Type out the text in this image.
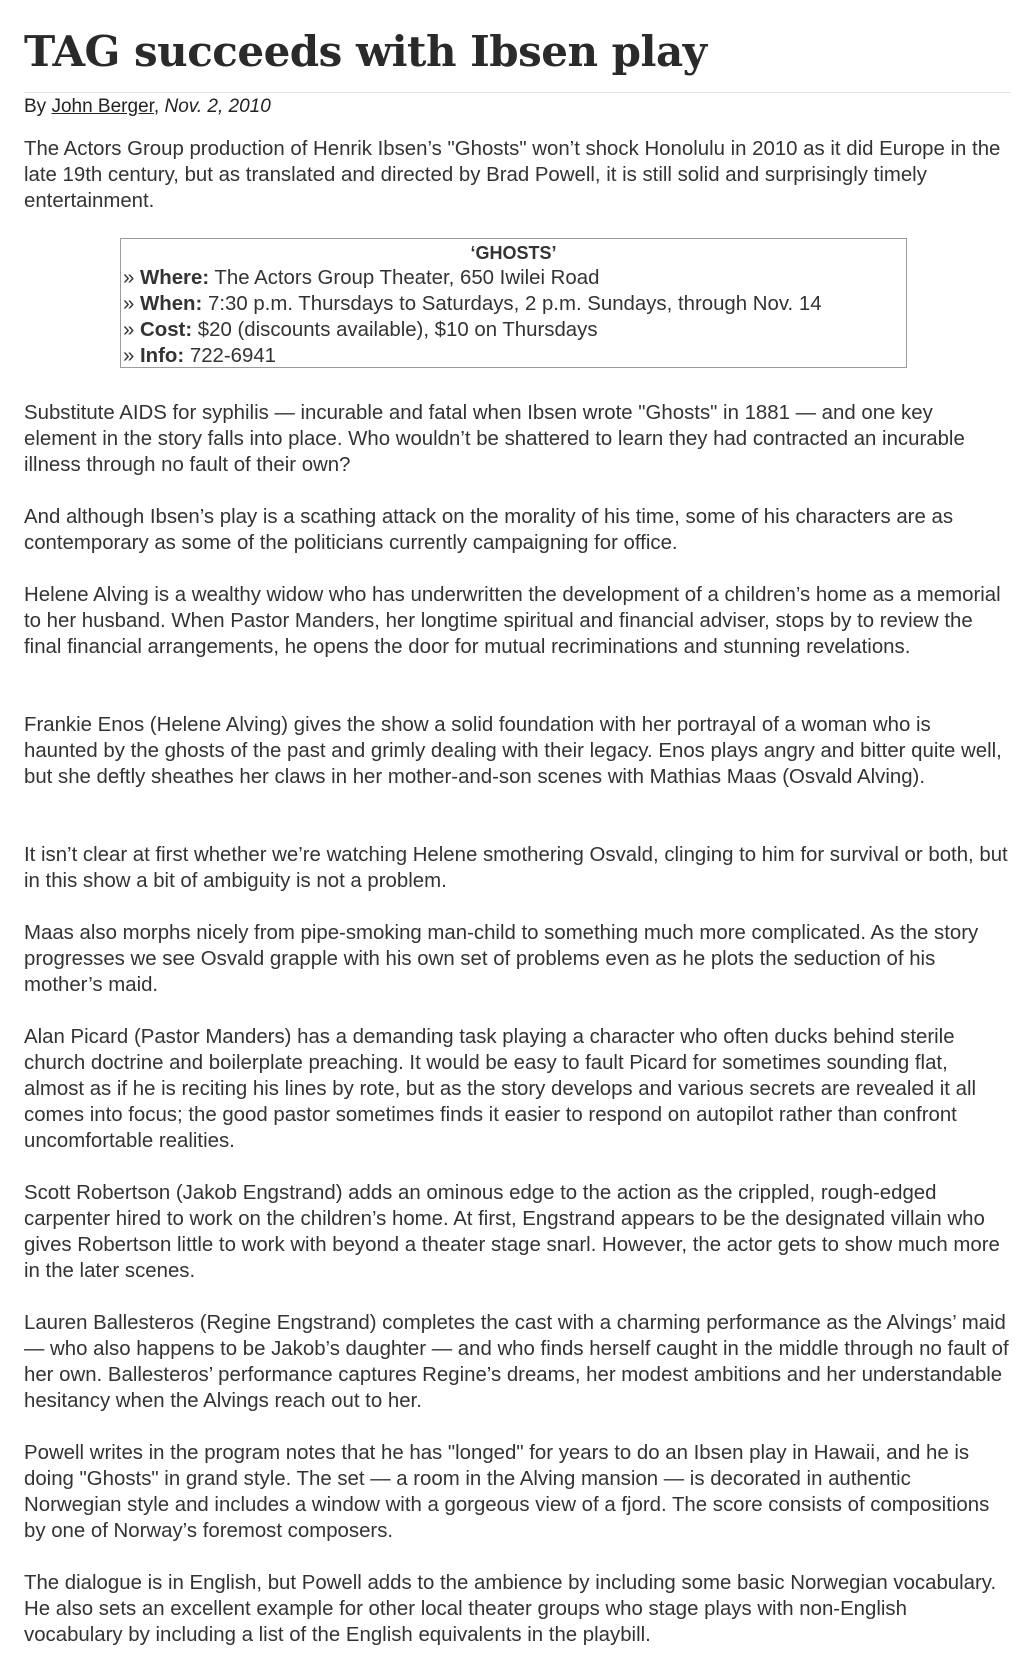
TAG succeeds with Ibsen play
By John Berger, Nov. 2, 2010

The Actors Group production of Henrik Ibsen’s "Ghosts" won’t shock Honolulu in 2010 as it did Europe in the late 19th century, but as translated and directed by Brad Powell, it is still solid and surprisingly timely entertainment.

‘GHOSTS’
» Where: The Actors Group Theater, 650 Iwilei Road
» When: 7:30 p.m. Thursdays to Saturdays, 2 p.m. Sundays, through Nov. 14
» Cost: $20 (discounts available), $10 on Thursdays
» Info: 722-6941

Substitute AIDS for syphilis — incurable and fatal when Ibsen wrote "Ghosts" in 1881 — and one key element in the story falls into place. Who wouldn’t be shattered to learn they had contracted an incurable illness through no fault of their own?

And although Ibsen’s play is a scathing attack on the morality of his time, some of his characters are as contemporary as some of the politicians currently campaigning for office.

Helene Alving is a wealthy widow who has underwritten the development of a children’s home as a memorial to her husband. When Pastor Manders, her longtime spiritual and financial adviser, stops by to review the final financial arrangements, he opens the door for mutual recriminations and stunning revelations.

Frankie Enos (Helene Alving) gives the show a solid foundation with her portrayal of a woman who is haunted by the ghosts of the past and grimly dealing with their legacy. Enos plays angry and bitter quite well, but she deftly sheathes her claws in her mother-and-son scenes with Mathias Maas (Osvald Alving).

It isn’t clear at first whether we’re watching Helene smothering Osvald, clinging to him for survival or both, but in this show a bit of ambiguity is not a problem.

Maas also morphs nicely from pipe-smoking man-child to something much more complicated. As the story progresses we see Osvald grapple with his own set of problems even as he plots the seduction of his mother’s maid.

Alan Picard (Pastor Manders) has a demanding task playing a character who often ducks behind sterile church doctrine and boilerplate preaching. It would be easy to fault Picard for sometimes sounding flat, almost as if he is reciting his lines by rote, but as the story develops and various secrets are revealed it all comes into focus; the good pastor sometimes finds it easier to respond on autopilot rather than confront uncomfortable realities.

Scott Robertson (Jakob Engstrand) adds an ominous edge to the action as the crippled, rough-edged carpenter hired to work on the children’s home. At first, Engstrand appears to be the designated villain who gives Robertson little to work with beyond a theater stage snarl. However, the actor gets to show much more in the later scenes.

Lauren Ballesteros (Regine Engstrand) completes the cast with a charming performance as the Alvings’ maid — who also happens to be Jakob’s daughter — and who finds herself caught in the middle through no fault of her own. Ballesteros’ performance captures Regine’s dreams, her modest ambitions and her understandable hesitancy when the Alvings reach out to her.

Powell writes in the program notes that he has "longed" for years to do an Ibsen play in Hawaii, and he is doing "Ghosts" in grand style. The set — a room in the Alving mansion — is decorated in authentic Norwegian style and includes a window with a gorgeous view of a fjord. The score consists of compositions by one of Norway’s foremost composers.

The dialogue is in English, but Powell adds to the ambience by including some basic Norwegian vocabulary. He also sets an excellent example for other local theater groups who stage plays with non-English vocabulary by including a list of the English equivalents in the playbill.
